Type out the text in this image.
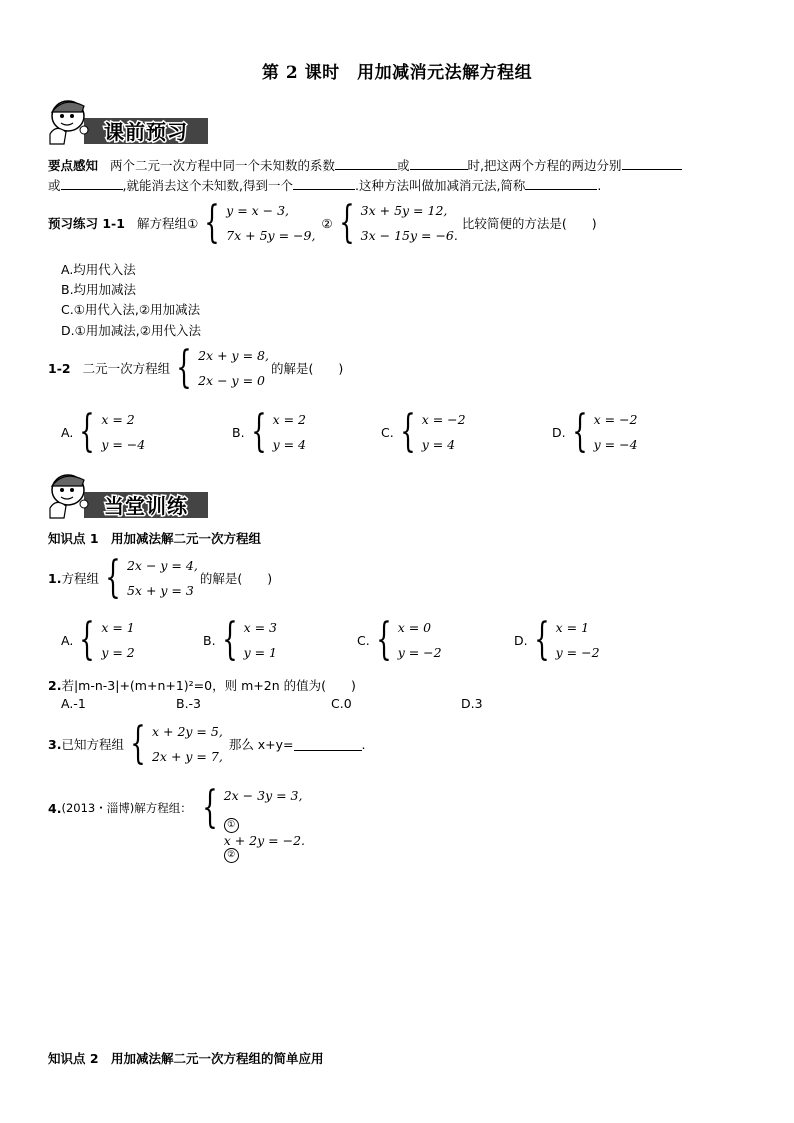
第 2 课时　用加减消元法解方程组
课前预习
要点感知 两个二元一次方程中同一个未知数的系数	或	时,把这两个方程的两边分别
或	,就能消去这个未知数,得到一个	.这种方法叫做加减消元法,简称	.
预习练习 1-1 解方程组① { y = x − 3,
7x + 5y = −9,
② { 3x + 5y = 12,
3x − 15y = −6.
比较简便的方法是(　　)
A.均用代入法
B.均用加减法
C.①用代入法,②用加减法
D.①用加减法,②用代入法
1-2 二元一次方程组 { 2x + y = 8,
2x − y = 0
的解是(　　)
A. { x = 2
y = −4
B. { x = 2
y = 4
C. { x = −2
y = 4
D. { x = −2
y = −4
当堂训练
知识点 1　用加减法解二元一次方程组
1. 方程组 { 2x − y = 4,
5x + y = 3
的解是(　　)
A. { x = 1
y = 2
B. { x = 3
y = 1
C. { x = 0
y = −2
D. { x = 1
y = −2
2.若|m-n-3|+(m+n+1)²=0，则 m+2n 的值为(　　)
A.-1	B.-3	C.0	D.3
3. 已知方程组 { x + 2y = 5,
2x + y = 7,
那么 x+y=	.
4. (2013・淄博)解方程组： { 2x − 3y = 3,

①
x + 2y = −2.
②
知识点 2　用加减法解二元一次方程组的简单应用
